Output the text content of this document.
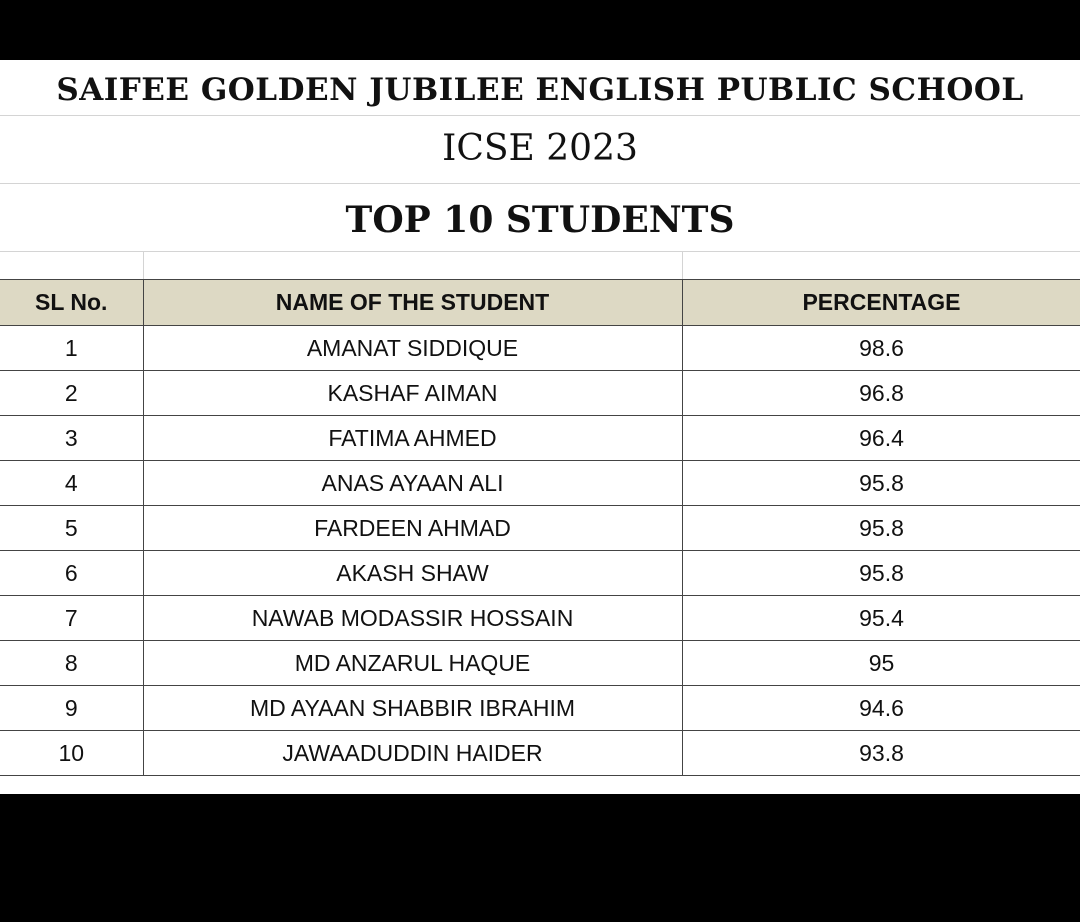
SAIFEE GOLDEN JUBILEE ENGLISH PUBLIC SCHOOL
ICSE 2023
TOP 10 STUDENTS
SL No.	NAME OF THE STUDENT	PERCENTAGE
1	AMANAT SIDDIQUE	98.6
2	KASHAF AIMAN	96.8
3	FATIMA AHMED	96.4
4	ANAS AYAAN ALI	95.8
5	FARDEEN AHMAD	95.8
6	AKASH SHAW	95.8
7	NAWAB MODASSIR HOSSAIN	95.4
8	MD ANZARUL HAQUE	95
9	MD AYAAN SHABBIR IBRAHIM	94.6
10	JAWAADUDDIN HAIDER	93.8
